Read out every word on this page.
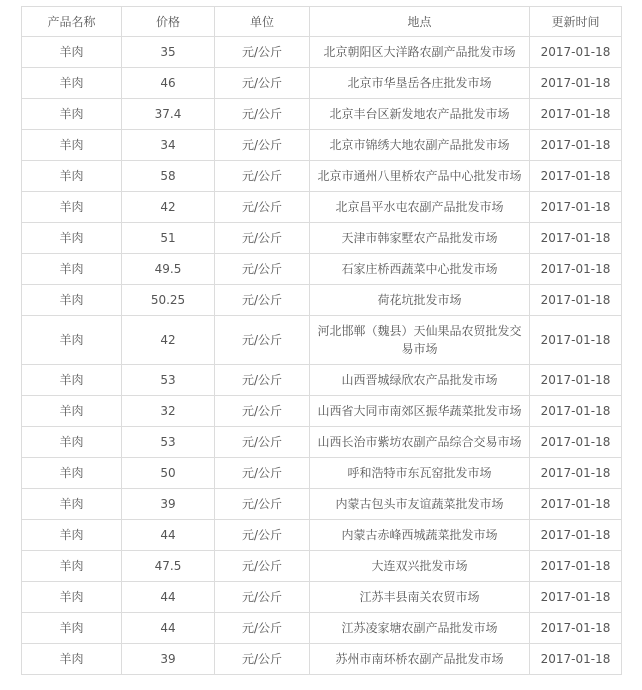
产品名称	价格	单位	地点	更新时间
羊肉	35	元/公斤	北京朝阳区大洋路农副产品批发市场	2017-01-18
羊肉	46	元/公斤	北京市华垦岳各庄批发市场	2017-01-18
羊肉	37.4	元/公斤	北京丰台区新发地农产品批发市场	2017-01-18
羊肉	34	元/公斤	北京市锦绣大地农副产品批发市场	2017-01-18
羊肉	58	元/公斤	北京市通州八里桥农产品中心批发市场	2017-01-18
羊肉	42	元/公斤	北京昌平水屯农副产品批发市场	2017-01-18
羊肉	51	元/公斤	天津市韩家墅农产品批发市场	2017-01-18
羊肉	49.5	元/公斤	石家庄桥西蔬菜中心批发市场	2017-01-18
羊肉	50.25	元/公斤	荷花坑批发市场	2017-01-18
羊肉	42	元/公斤	河北邯郸（魏县）天仙果品农贸批发交易市场	2017-01-18
羊肉	53	元/公斤	山西晋城绿欣农产品批发市场	2017-01-18
羊肉	32	元/公斤	山西省大同市南郊区振华蔬菜批发市场	2017-01-18
羊肉	53	元/公斤	山西长治市紫坊农副产品综合交易市场	2017-01-18
羊肉	50	元/公斤	呼和浩特市东瓦窑批发市场	2017-01-18
羊肉	39	元/公斤	内蒙古包头市友谊蔬菜批发市场	2017-01-18
羊肉	44	元/公斤	内蒙古赤峰西城蔬菜批发市场	2017-01-18
羊肉	47.5	元/公斤	大连双兴批发市场	2017-01-18
羊肉	44	元/公斤	江苏丰县南关农贸市场	2017-01-18
羊肉	44	元/公斤	江苏凌家塘农副产品批发市场	2017-01-18
羊肉	39	元/公斤	苏州市南环桥农副产品批发市场	2017-01-18
